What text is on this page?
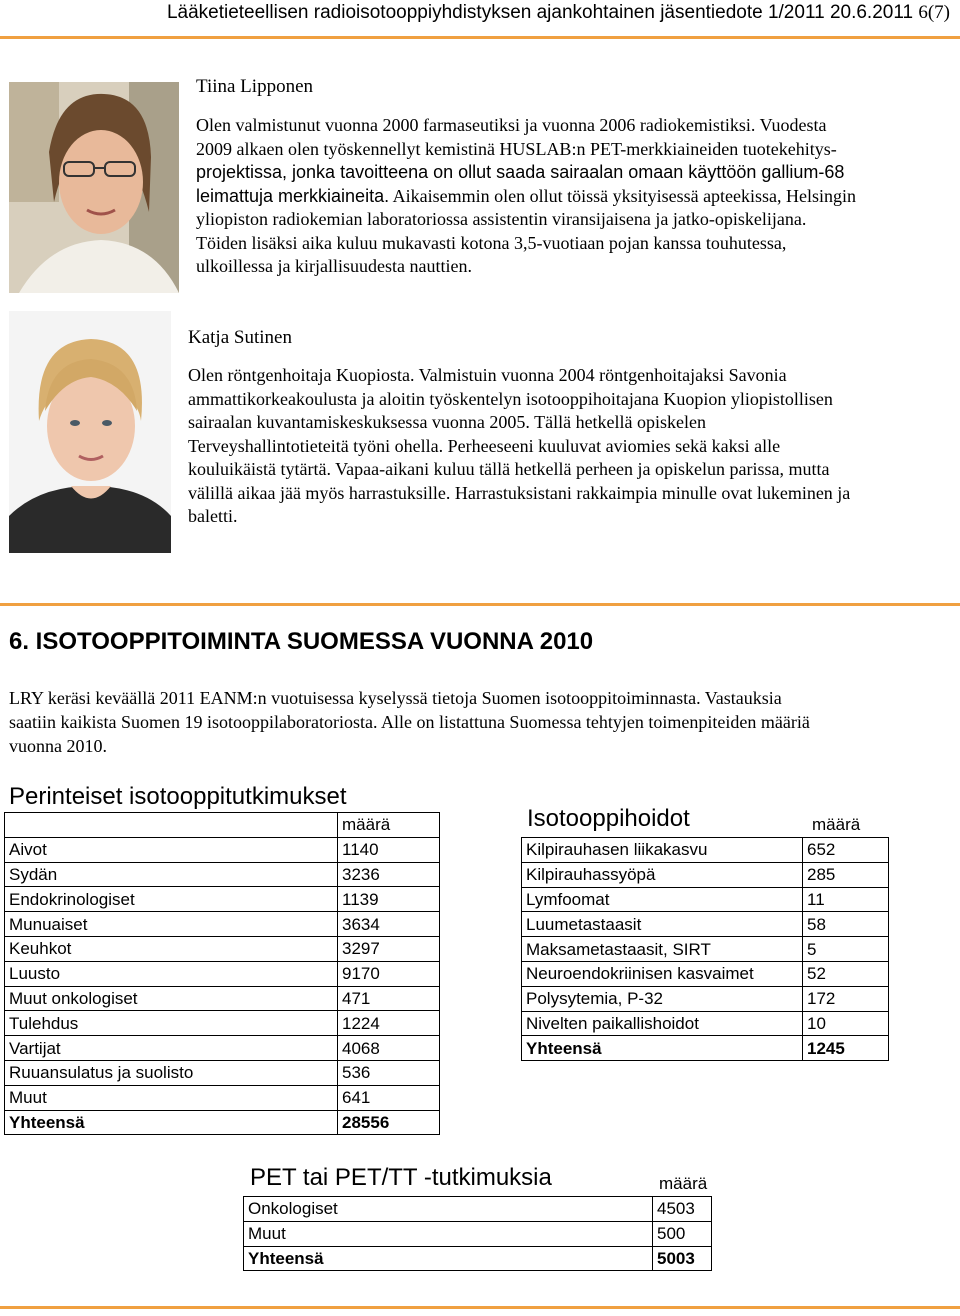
Lääketieteellisen radioisotooppiyhdistyksen ajankohtainen jäsentiedote 1/2011 20.6.2011 6(7)
Tiina Lipponen
Olen valmistunut vuonna 2000 farmaseutiksi ja vuonna 2006 radiokemistiksi. Vuodesta
2009 alkaen olen työskennellyt kemistinä HUSLAB:n PET-merkkiaineiden tuotekehitys-
projektissa, jonka tavoitteena on ollut saada sairaalan omaan käyttöön gallium-68
leimattuja merkkiaineita. Aikaisemmin olen ollut töissä yksityisessä apteekissa, Helsingin
yliopiston radiokemian laboratoriossa assistentin viransijaisena ja jatko-opiskelijana.
Töiden lisäksi aika kuluu mukavasti kotona 3,5-vuotiaan pojan kanssa touhutessa,
ulkoillessa ja kirjallisuudesta nauttien.
Katja Sutinen
Olen röntgenhoitaja Kuopiosta. Valmistuin vuonna 2004 röntgenhoitajaksi Savonia
ammattikorkeakoulusta ja aloitin työskentelyn isotooppihoitajana Kuopion yliopistollisen
sairaalan kuvantamiskeskuksessa vuonna 2005. Tällä hetkellä opiskelen
Terveyshallintotieteitä työni ohella. Perheeseeni kuuluvat aviomies sekä kaksi alle
kouluikäistä tytärtä. Vapaa-aikani kuluu tällä hetkellä perheen ja opiskelun parissa, mutta
välillä aikaa jää myös harrastuksille. Harrastuksistani rakkaimpia minulle ovat lukeminen ja
baletti.
6. ISOTOOPPITOIMINTA SUOMESSA VUONNA 2010
LRY keräsi keväällä 2011 EANM:n vuotuisessa kyselyssä tietoja Suomen isotooppitoiminnasta. Vastauksia
saatiin kaikista Suomen 19 isotooppilaboratoriosta. Alle on listattuna Suomessa tehtyjen toimenpiteiden määriä
vuonna 2010.
Perinteiset isotooppitutkimukset
	määrä
Aivot	1140
Sydän	3236
Endokrinologiset	1139
Munuaiset	3634
Keuhkot	3297
Luusto	9170
Muut onkologiset	471
Tulehdus	1224
Vartijat	4068
Ruuansulatus ja suolisto	536
Muut	641
Yhteensä	28556
Isotooppihoidot	määrä
Kilpirauhasen liikakasvu	652
Kilpirauhassyöpä	285
Lymfoomat	11
Luumetastaasit	58
Maksametastaasit, SIRT	5
Neuroendokriinisen kasvaimet	52
Polysytemia, P-32	172
Nivelten paikallishoidot	10
Yhteensä	1245
PET tai PET/TT -tutkimuksia	määrä
Onkologiset	4503
Muut	500
Yhteensä	5003
